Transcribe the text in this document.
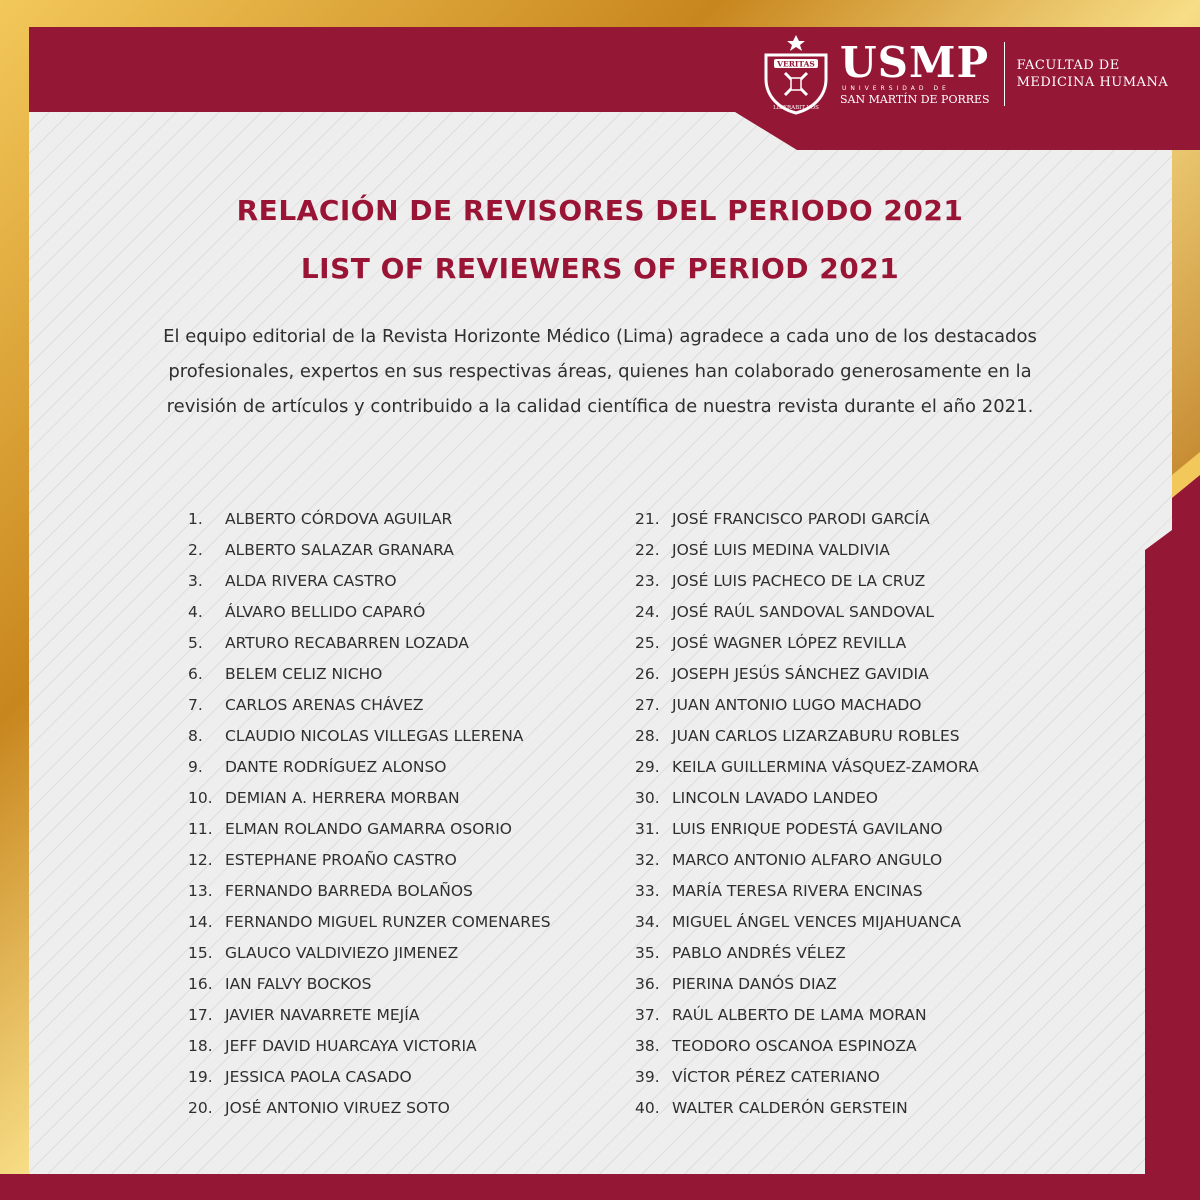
VERITAS
LIBERABIT VOS
USMP
UNIVERSIDAD DE
SAN MARTÍN DE PORRES
FACULTAD DE
MEDICINA HUMANA
RELACIÓN DE REVISORES DEL PERIODO 2021
LIST OF REVIEWERS OF PERIOD 2021
El equipo editorial de la Revista Horizonte Médico (Lima) agradece a cada uno de los destacados profesionales, expertos en sus respectivas áreas, quienes han colaborado generosamente en la revisión de artículos y contribuido a la calidad científica de nuestra revista durante el año 2021.
1. ALBERTO CÓRDOVA AGUILAR
2. ALBERTO SALAZAR GRANARA
3. ALDA RIVERA CASTRO
4. ÁLVARO BELLIDO CAPARÓ
5. ARTURO RECABARREN LOZADA
6. BELEM CELIZ NICHO
7. CARLOS ARENAS CHÁVEZ
8. CLAUDIO NICOLAS VILLEGAS LLERENA
9. DANTE RODRÍGUEZ ALONSO
10. DEMIAN A. HERRERA MORBAN
11. ELMAN ROLANDO GAMARRA OSORIO
12. ESTEPHANE PROAÑO CASTRO
13. FERNANDO BARREDA BOLAÑOS
14. FERNANDO MIGUEL RUNZER COMENARES
15. GLAUCO VALDIVIEZO JIMENEZ
16. IAN FALVY BOCKOS
17. JAVIER NAVARRETE MEJÍA
18. JEFF DAVID HUARCAYA VICTORIA
19. JESSICA PAOLA CASADO
20. JOSÉ ANTONIO VIRUEZ SOTO
21. JOSÉ FRANCISCO PARODI GARCÍA
22. JOSÉ LUIS MEDINA VALDIVIA
23. JOSÉ LUIS PACHECO DE LA CRUZ
24. JOSÉ RAÚL SANDOVAL SANDOVAL
25. JOSÉ WAGNER LÓPEZ REVILLA
26. JOSEPH JESÚS SÁNCHEZ GAVIDIA
27. JUAN ANTONIO LUGO MACHADO
28. JUAN CARLOS LIZARZABURU ROBLES
29. KEILA GUILLERMINA VÁSQUEZ-ZAMORA
30. LINCOLN LAVADO LANDEO
31. LUIS ENRIQUE PODESTÁ GAVILANO
32. MARCO ANTONIO ALFARO ANGULO
33. MARÍA TERESA RIVERA ENCINAS
34. MIGUEL ÁNGEL VENCES MIJAHUANCA
35. PABLO ANDRÉS VÉLEZ
36. PIERINA DANÓS DIAZ
37. RAÚL ALBERTO DE LAMA MORAN
38. TEODORO OSCANOA ESPINOZA
39. VÍCTOR PÉREZ CATERIANO
40. WALTER CALDERÓN GERSTEIN
